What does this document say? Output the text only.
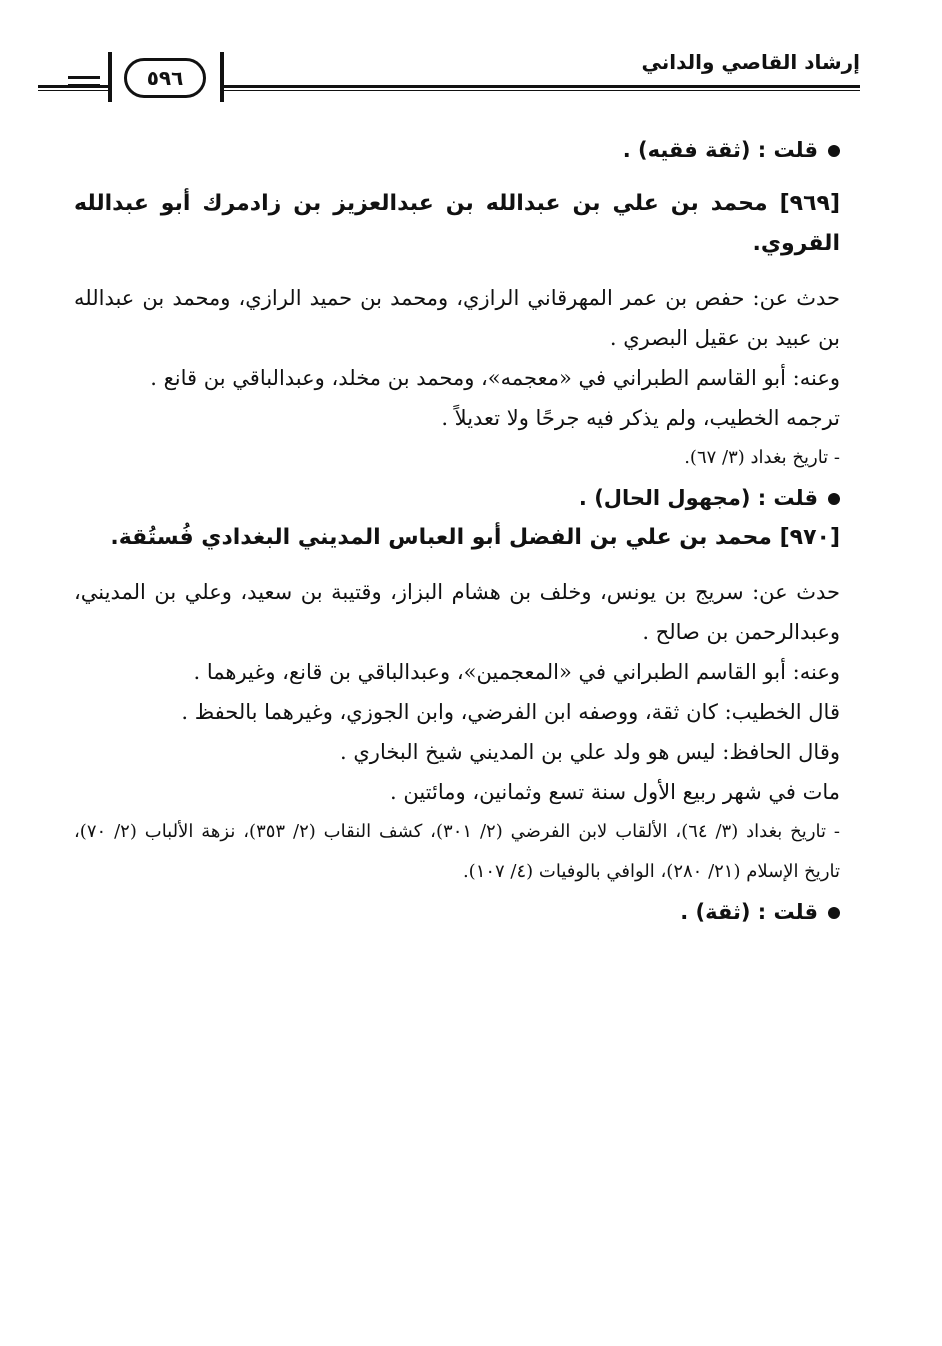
إرشاد القاصي والداني
٥٩٦
قلت : (ثقة فقيه) .
[٩٦٩] محمد بن علي بن عبدالله بن عبدالعزيز بن زادمرك أبو عبدالله القروي.
حدث عن: حفص بن عمر المهرقاني الرازي، ومحمد بن حميد الرازي، ومحمد بن عبدالله بن عبيد بن عقيل البصري .
وعنه: أبو القاسم الطبراني في «معجمه»، ومحمد بن مخلد، وعبدالباقي بن قانع .
ترجمه الخطيب، ولم يذكر فيه جرحًا ولا تعديلاً .
- تاريخ بغداد (٣/ ٦٧).
قلت : (مجهول الحال) .
[٩٧٠] محمد بن علي بن الفضل أبو العباس المديني البغدادي فُستُقة.
حدث عن: سريج بن يونس، وخلف بن هشام البزاز، وقتيبة بن سعيد، وعلي بن المديني، وعبدالرحمن بن صالح .
وعنه: أبو القاسم الطبراني في «المعجمين»، وعبدالباقي بن قانع، وغيرهما .
قال الخطيب: كان ثقة، ووصفه ابن الفرضي، وابن الجوزي، وغيرهما بالحفظ .
وقال الحافظ: ليس هو ولد علي بن المديني شيخ البخاري .
مات في شهر ربيع الأول سنة تسع وثمانين، ومائتين .
- تاريخ بغداد (٣/ ٦٤)، الألقاب لابن الفرضي (٢/ ٣٠١)، كشف النقاب (٢/ ٣٥٣)، نزهة الألباب (٢/ ٧٠)، تاريخ الإسلام (٢١/ ٢٨٠)، الوافي بالوفيات (٤/ ١٠٧).
قلت : (ثقة) .
